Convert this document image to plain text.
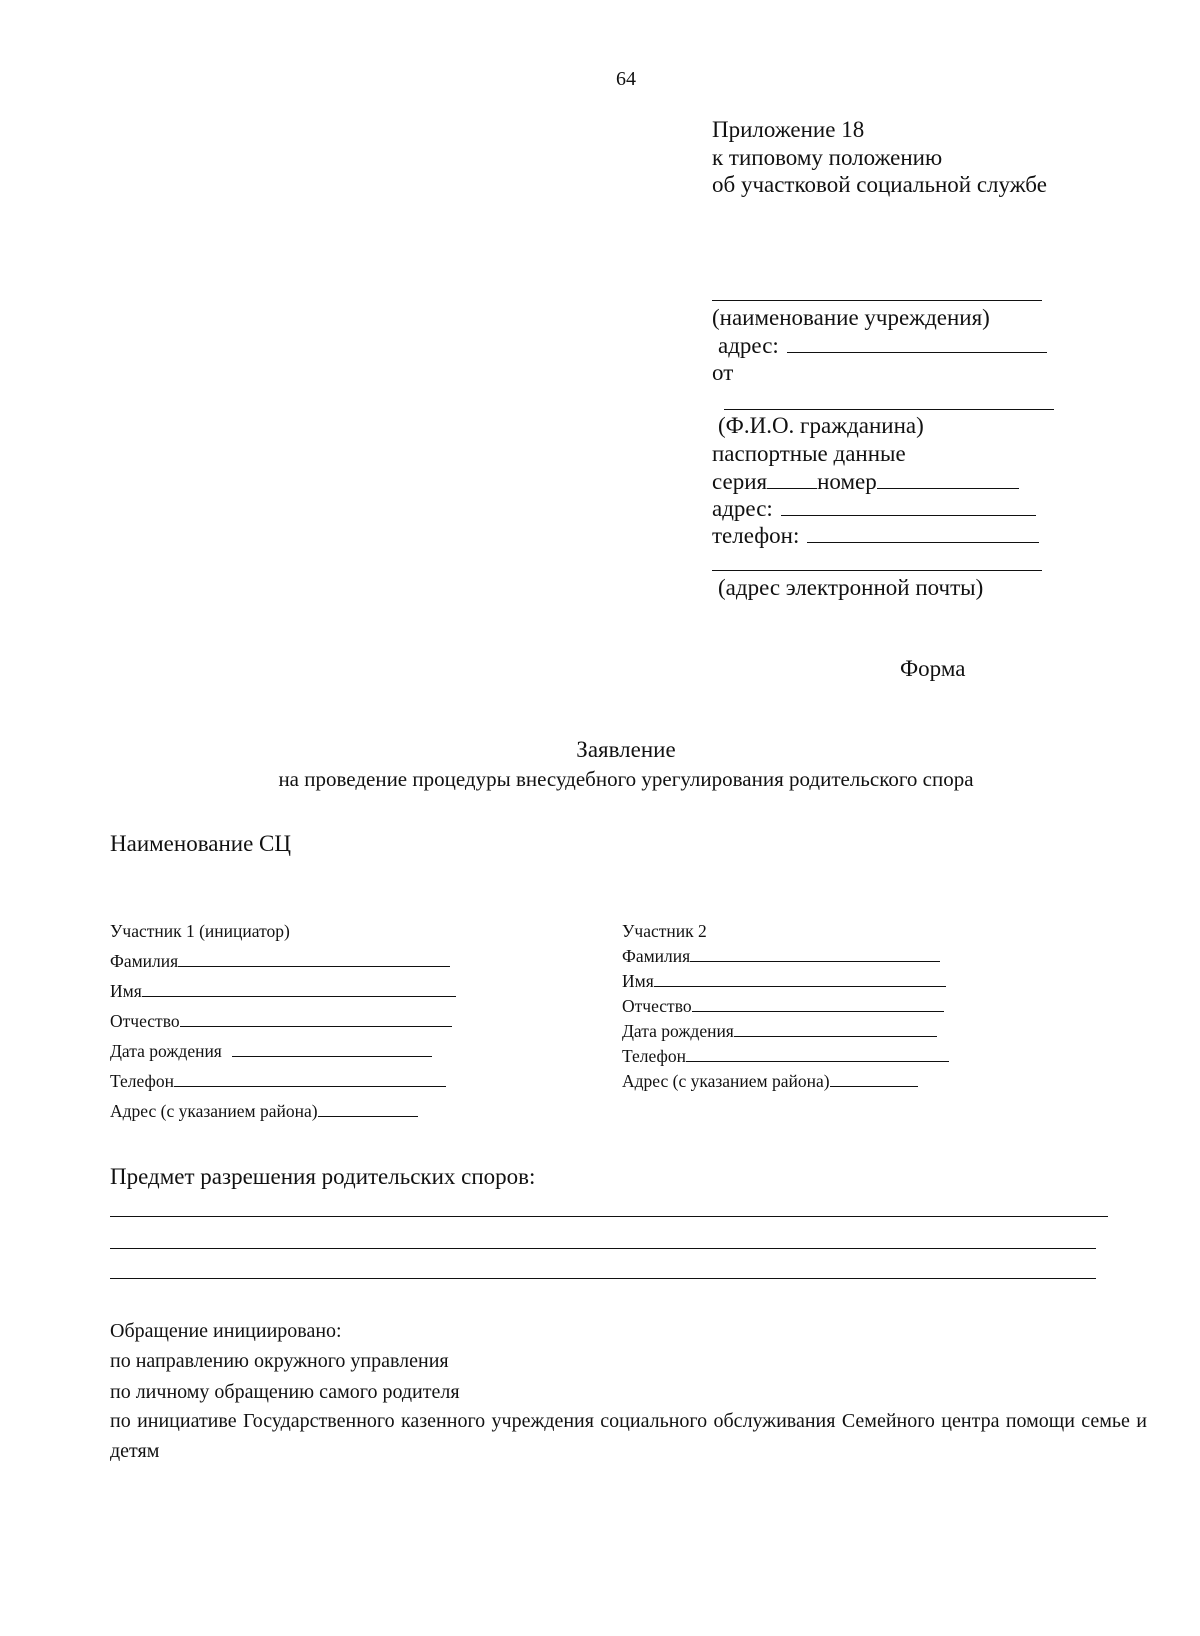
64
Приложение 18
к типовому положению
об участковой социальной службе
(наименование учреждения)
адрес:
от
(Ф.И.О. гражданина)
паспортные данные
серия номер
адрес:
телефон:
(адрес электронной почты)
Форма
Заявление
на проведение процедуры внесудебного урегулирования родительского спора
Наименование СЦ
Участник 1 (инициатор)
Фамилия
Имя
Отчество
Дата рождения
Телефон
Адрес (с указанием района)
Участник 2
Фамилия
Имя
Отчество
Дата рождения
Телефон
Адрес (с указанием района)
Предмет разрешения родительских споров:
Обращение инициировано:
по направлению окружного управления
по личному обращению самого родителя
по инициативе Государственного казенного учреждения социального обслуживания Семейного центра помощи семье и детям
